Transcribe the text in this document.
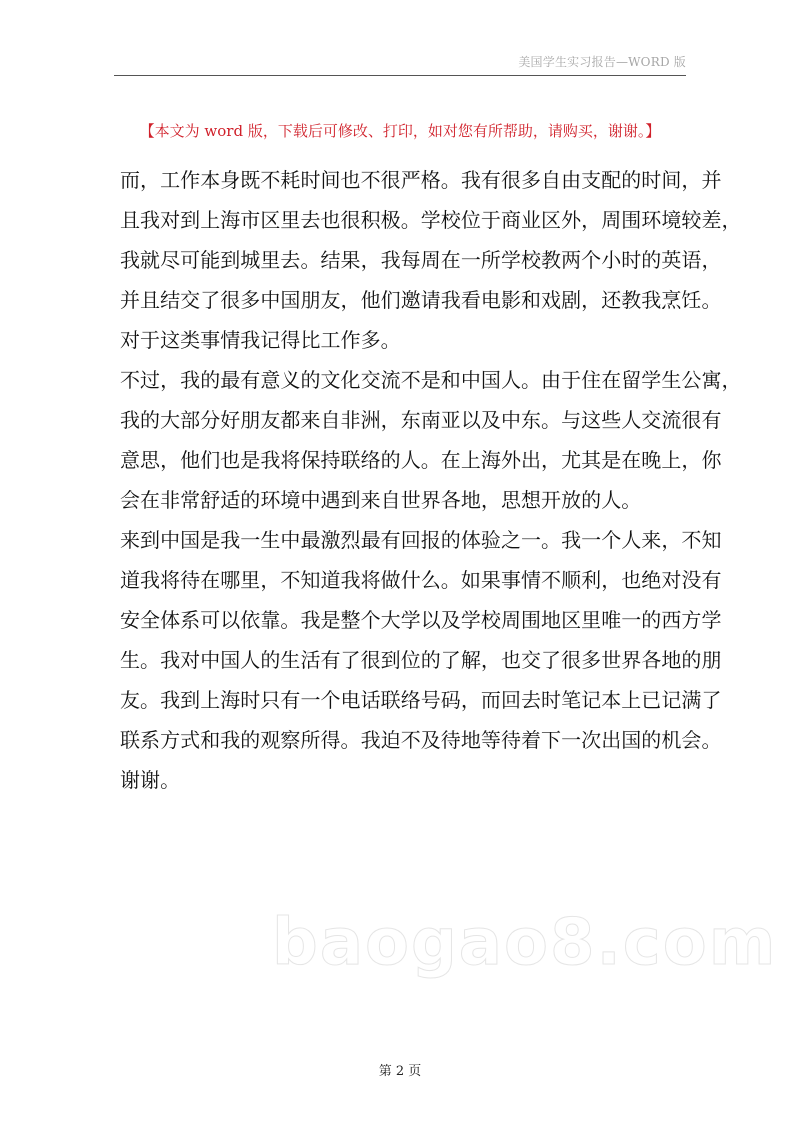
美国学生实习报告—WORD 版
【本文为 word 版，下载后可修改、打印，如对您有所帮助，请购买，谢谢。】
而，工作本身既不耗时间也不很严格。我有很多自由支配的时间，并
且我对到上海市区里去也很积极。学校位于商业区外，周围环境较差，
我就尽可能到城里去。结果，我每周在一所学校教两个小时的英语，
并且结交了很多中国朋友，他们邀请我看电影和戏剧，还教我烹饪。
对于这类事情我记得比工作多。
不过，我的最有意义的文化交流不是和中国人。由于住在留学生公寓，
我的大部分好朋友都来自非洲，东南亚以及中东。与这些人交流很有
意思，他们也是我将保持联络的人。在上海外出，尤其是在晚上，你
会在非常舒适的环境中遇到来自世界各地，思想开放的人。
来到中国是我一生中最激烈最有回报的体验之一。我一个人来，不知
道我将待在哪里，不知道我将做什么。如果事情不顺利，也绝对没有
安全体系可以依靠。我是整个大学以及学校周围地区里唯一的西方学
生。我对中国人的生活有了很到位的了解，也交了很多世界各地的朋
友。我到上海时只有一个电话联络号码，而回去时笔记本上已记满了
联系方式和我的观察所得。我迫不及待地等待着下一次出国的机会。
谢谢。
baogao8.com
第 2 页
